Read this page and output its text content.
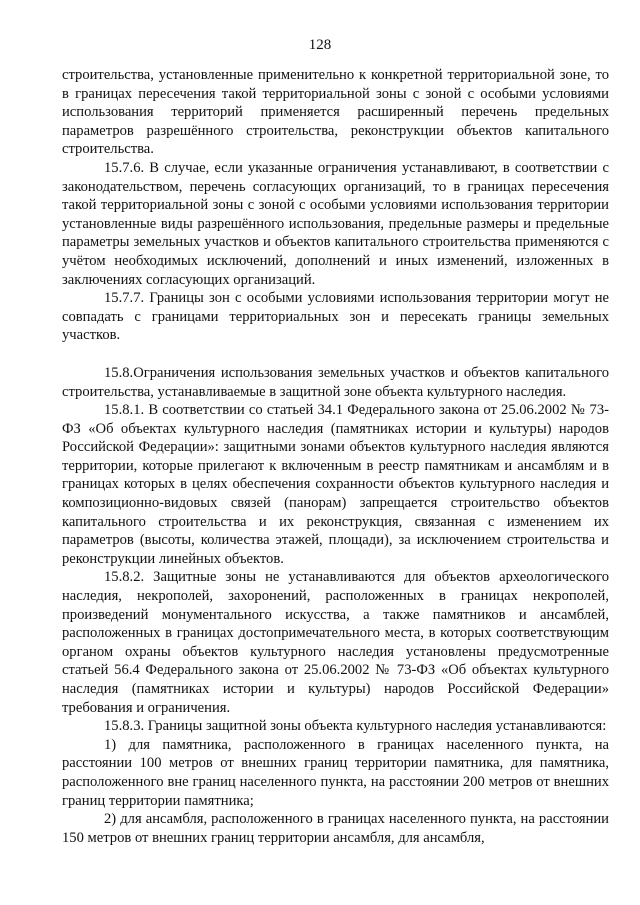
128

строительства, установленные применительно к конкретной территориальной зоне, то в границах пересечения такой территориальной зоны с зоной с особыми условиями использования территорий применяется расширенный перечень предельных параметров разрешённого строительства, реконструкции объектов капитального строительства.

15.7.6. В случае, если указанные ограничения устанавливают, в соответствии с законодательством, перечень согласующих организаций, то в границах пересечения такой территориальной зоны с зоной с особыми условиями использования территории установленные виды разрешённого использования, предельные размеры и предельные параметры земельных участков и объектов капитального строительства применяются с учётом необходимых исключений, дополнений и иных изменений, изложенных в заключениях согласующих организаций.

15.7.7. Границы зон с особыми условиями использования территории могут не совпадать с границами территориальных зон и пересекать границы земельных участков.

15.8.Ограничения использования земельных участков и объектов капитального строительства, устанавливаемые в защитной зоне объекта культурного наследия.

15.8.1. В соответствии со статьей 34.1 Федерального закона от 25.06.2002 № 73-ФЗ «Об объектах культурного наследия (памятниках истории и культуры) народов Российской Федерации»: защитными зонами объектов культурного наследия являются территории, которые прилегают к включенным в реестр памятникам и ансамблям и в границах которых в целях обеспечения сохранности объектов культурного наследия и композиционно-видовых связей (панорам) запрещается строительство объектов капитального строительства и их реконструкция, связанная с изменением их параметров (высоты, количества этажей, площади), за исключением строительства и реконструкции линейных объектов.

15.8.2. Защитные зоны не устанавливаются для объектов археологического наследия, некрополей, захоронений, расположенных в границах некрополей, произведений монументального искусства, а также памятников и ансамблей, расположенных в границах достопримечательного места, в которых соответствующим органом охраны объектов культурного наследия установлены предусмотренные статьей 56.4 Федерального закона от 25.06.2002 № 73-ФЗ «Об объектах культурного наследия (памятниках истории и культуры) народов Российской Федерации» требования и ограничения.

15.8.3. Границы защитной зоны объекта культурного наследия устанавливаются:

1) для памятника, расположенного в границах населенного пункта, на расстоянии 100 метров от внешних границ территории памятника, для памятника, расположенного вне границ населенного пункта, на расстоянии 200 метров от внешних границ территории памятника;

2) для ансамбля, расположенного в границах населенного пункта, на расстоянии 150 метров от внешних границ территории ансамбля, для ансамбля,
